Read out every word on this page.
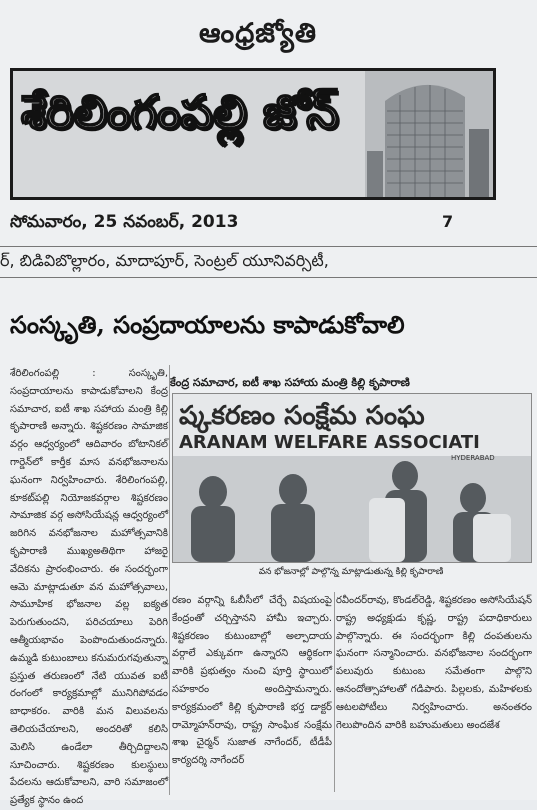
ఆంధ్రజ్యోతి
శేరిలింగంపల్లి జోన్
సోమవారం, 25 నవంబర్, 2013	7
ర్, బిడివిబొల్లారం, మాదాపూర్, సెంట్రల్ యూనివర్సిటీ,
సంస్కృతి, సంప్రదాయాలను కాపాడుకోవాలి

శేరిలింగంపల్లి : సంస్కృతి, సంప్రదాయాలను కాపాడుకోవాలని కేంద్ర సమాచార, ఐటీ శాఖ సహాయ మంత్రి కిల్లి కృపారాణి అన్నారు. శిష్టకరణం సామాజిక వర్గం ఆధ్వర్యంలో ఆదివారం బోటానికల్ గార్డెన్‌లో కార్తీక మాస వనభోజనాలను ఘనంగా నిర్వహించారు. శేరిలింగంపల్లి, కూకట్‌పల్లి నియోజకవర్గాల శిష్టకరణం సామాజిక వర్గ అసోసియేషన్ల ఆధ్వర్యంలో జరిగిన వనభోజనాల మహోత్సవానికి కృపారాణి ముఖ్యఅతిథిగా హాజరై వేదికను ప్రారంభించారు. ఈ సందర్భంగా ఆమె మాట్లాడుతూ వన మహోత్సవాలు, సామూహిక భోజనాల వల్ల ఐక్యత పెరుగుతుందని, పరిచయాలు పెరిగి ఆత్మీయభావం పెంపొందుతుందన్నారు. ఉమ్మడి కుటుంబాలు కనుమరుగవుతున్నా ప్రస్తుత తరుణంలో నేటి యువత ఐటీ రంగంలో కార్యక్రమాల్లో మునిగిపోవడం బాధాకరం. వారికి మన విలువలను తెలియచేయాలని, అందరితో కలిసి మెలిసి ఉండేలా తీర్చిదిద్దాలని సూచించారు. శిష్టకరణం కులస్థులు పేదలను ఆదుకోవాలని, వారి సమాజంలో ప్రత్యేక స్థానం ఉంద

కేంద్ర సమాచార, ఐటీ శాఖ సహాయ మంత్రి కిల్లి కృపారాణి
ష్కకరణం సంక్షేమ సంఘ
ARANAM WELFARE ASSOCIATI
HYDERABAD
వన భోజనాల్లో పాల్గొన్న మాట్లాడుతున్న కిల్లి కృపారాణి

రణం వర్గాన్ని ఓబీసీలో చేర్చే విషయంపై కేంద్రంతో చర్చిస్తానని హామీ ఇచ్చారు. శిష్టకరణం కుటుంబాల్లో అల్పాదాయ వర్గాలే ఎక్కువగా ఉన్నారని ఆర్థికంగా వారికి ప్రభుత్వం నుంచి పూర్తి స్థాయిలో సహకారం అందిస్తామన్నారు. కార్యక్రమంలో కిల్లి కృపారాణి భర్త డాక్టర్ రామ్మోహన్‌రావు, రాష్ట్ర సాంఘిక సంక్షేమ శాఖ చైర్మన్ సుజాత నాగేందర్, టీడీపీ కార్యదర్శి నాగేందర్

రవీందర్‌రావు, కొండల్‌రెడ్డి, శిష్టకరణం అసోసియేషన్ రాష్ట్ర అధ్యక్షుడు కృష్ణ, రాష్ట్ర పదాధికారులు పాల్గొన్నారు. ఈ సందర్భంగా కిల్లి దంపతులను ఘనంగా సన్మానించారు. వనభోజనాల సందర్భంగా పలువురు కుటుంబ సమేతంగా పాల్గొని ఆనందోత్సాహాలతో గడిపారు. పిల్లలకు, మహిళలకు ఆటలపోటీలు నిర్వహించారు. అనంతరం గెలుపొందిన వారికి బహుమతులు అందజేశ
